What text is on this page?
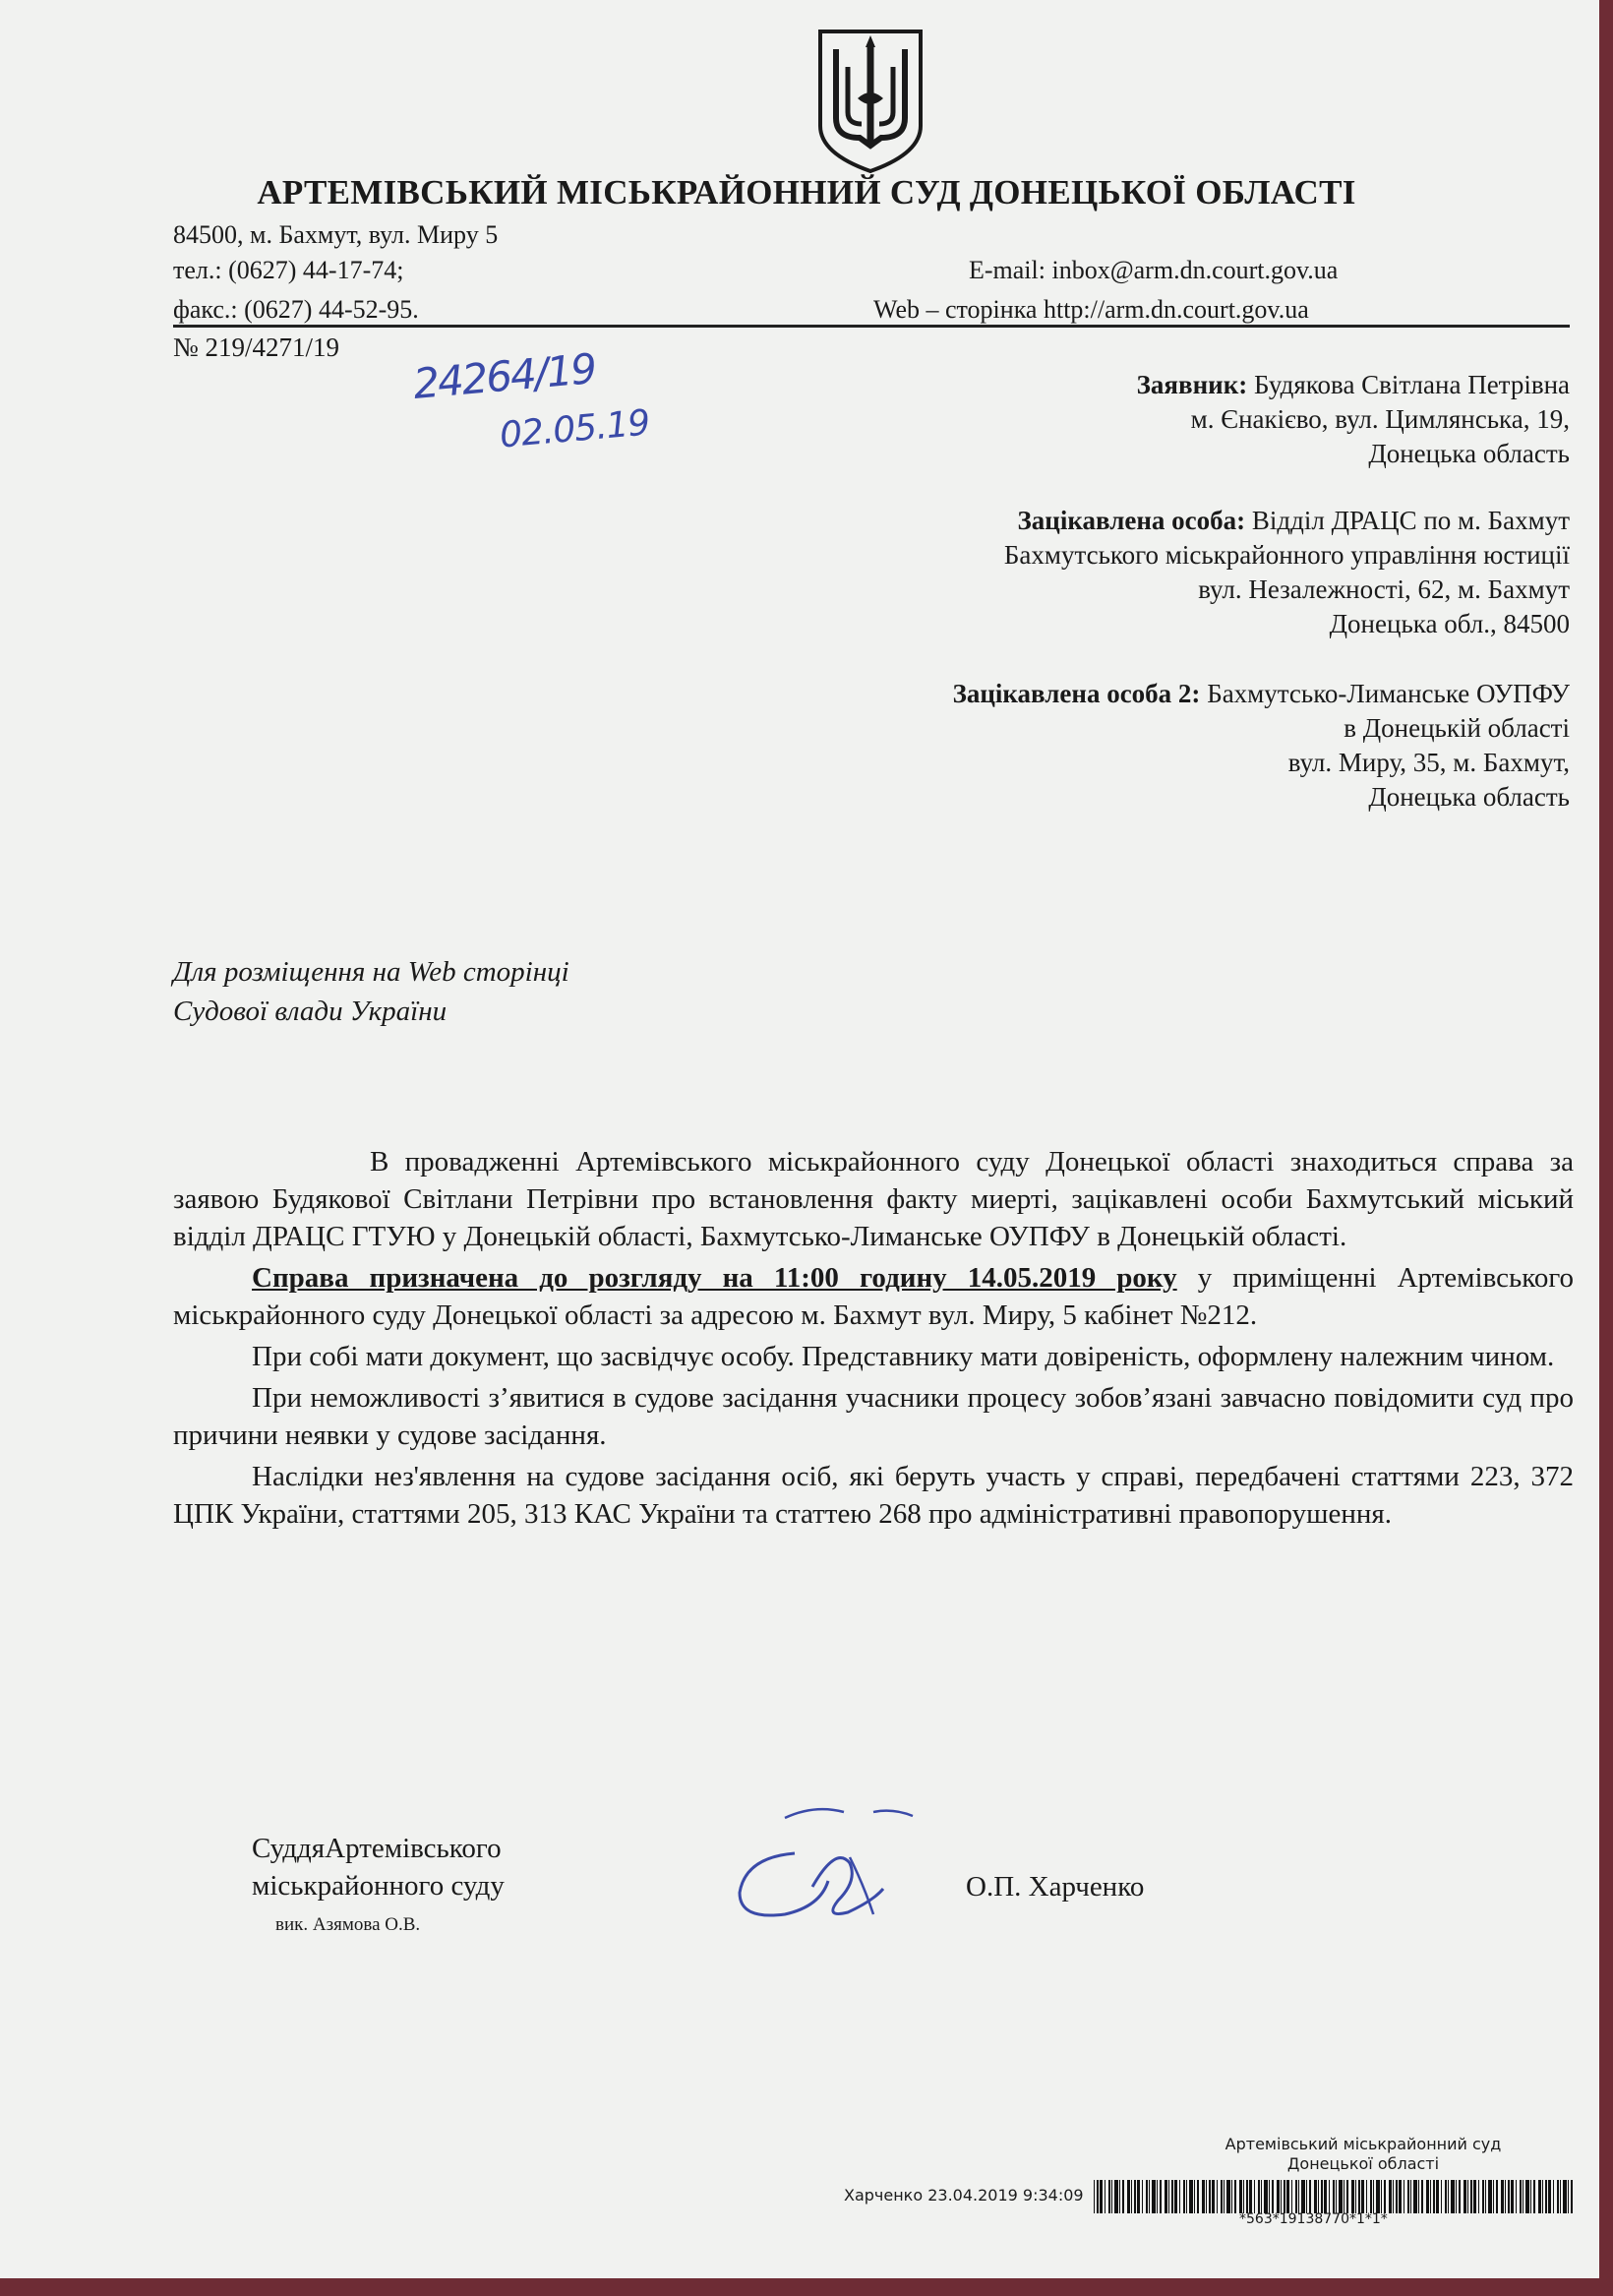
АРТЕМІВСЬКИЙ МІСЬКРАЙОННИЙ СУД ДОНЕЦЬКОЇ ОБЛАСТІ
84500, м. Бахмут, вул. Миру 5
тел.: (0627) 44-17-74;
факс.: (0627) 44-52-95.
E-mail: inbox@arm.dn.court.gov.ua
Web – сторінка http://arm.dn.court.gov.ua
№ 219/4271/19 24264/19
02.05.19
Заявник: Будякова Світлана Петрівна
м. Єнакієво, вул. Цимлянська, 19,
Донецька область
Зацікавлена особа: Відділ ДРАЦС по м. Бахмут
Бахмутського міськрайонного управління юстиції
вул. Незалежності, 62, м. Бахмут
Донецька обл., 84500
Зацікавлена особа 2: Бахмутсько-Лиманське ОУПФУ
в Донецькій області
вул. Миру, 35, м. Бахмут,
Донецька область
Для розміщення на Web сторінці
Судової влади України

В провадженні Артемівського міськрайонного суду Донецької області знаходиться справа за заявою Будякової Світлани Петрівни про встановлення факту миерті, зацікавлені особи Бахмутський міський відділ ДРАЦС ГТУЮ у Донецькій області, Бахмутсько-Лиманське ОУПФУ в Донецькій області.

Справа призначена до розгляду на 11:00 годину 14.05.2019 року у приміщенні Артемівського міськрайонного суду Донецької області за адресою м. Бахмут вул. Миру, 5 кабінет №212.

При собі мати документ, що засвідчує особу. Представнику мати довіреність, оформлену належним чином.

При неможливості з’явитися в судове засідання учасники процесу зобов’язані завчасно повідомити суд про причини неявки у судове засідання.

Наслідки нез'явлення на судове засідання осіб, які беруть участь у справі, передбачені статтями 223, 372 ЦПК України, статтями 205, 313 КАС України та статтею 268 про адміністративні правопорушення.

СуддяАртемівського
міськрайонного суду
вик. Азямова О.В.
О.П. Харченко
Артемівський міськрайонний суд
Донецької області
Харченко 23.04.2019 9:34:09
*563*19138770*1*1*
